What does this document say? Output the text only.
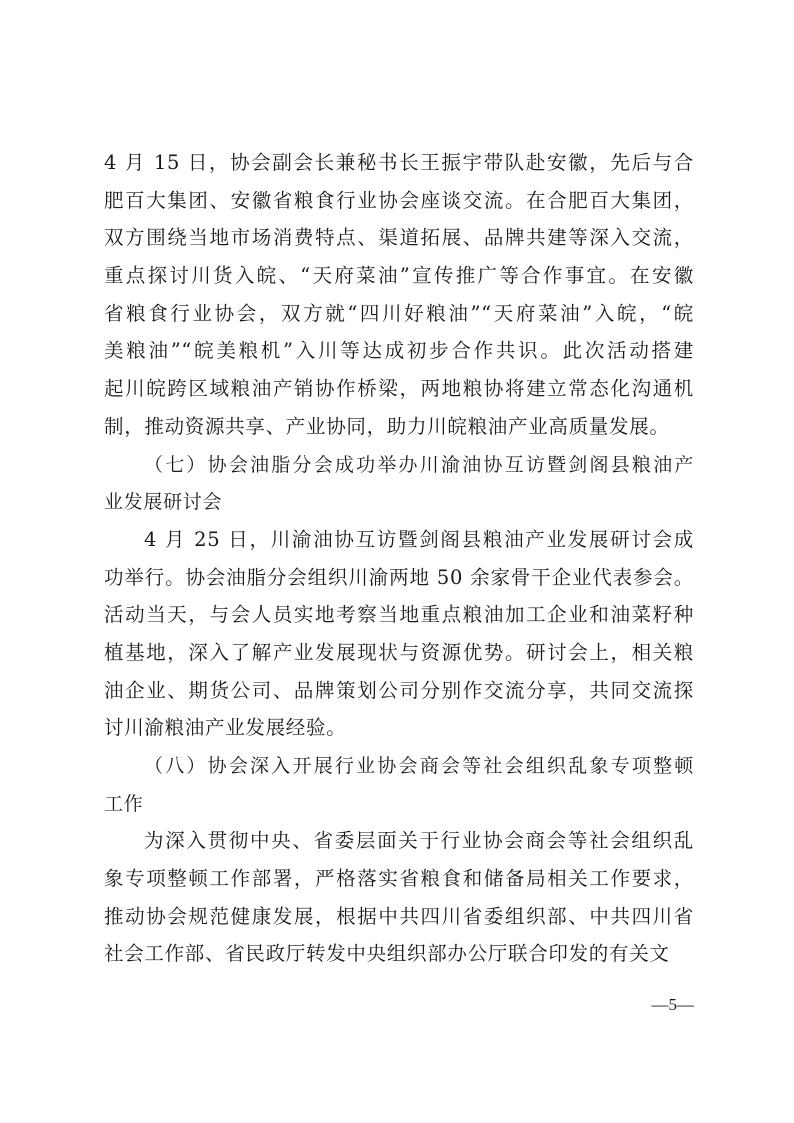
4 月 15 日，协会副会长兼秘书长王振宇带队赴安徽，先后与合
肥百大集团、安徽省粮食行业协会座谈交流。在合肥百大集团，
双方围绕当地市场消费特点、渠道拓展、品牌共建等深入交流，
重点探讨川货入皖、“天府菜油”宣传推广等合作事宜。在安徽
省粮食行业协会，双方就“四川好粮油”“天府菜油”入皖，“皖
美粮油”“皖美粮机”入川等达成初步合作共识。此次活动搭建
起川皖跨区域粮油产销协作桥梁，两地粮协将建立常态化沟通机
制，推动资源共享、产业协同，助力川皖粮油产业高质量发展。
（七）协会油脂分会成功举办川渝油协互访暨剑阁县粮油产
业发展研讨会
4 月 25 日，川渝油协互访暨剑阁县粮油产业发展研讨会成
功举行。协会油脂分会组织川渝两地 50 余家骨干企业代表参会。
活动当天，与会人员实地考察当地重点粮油加工企业和油菜籽种
植基地，深入了解产业发展现状与资源优势。研讨会上，相关粮
油企业、期货公司、品牌策划公司分别作交流分享，共同交流探
讨川渝粮油产业发展经验。
（八）协会深入开展行业协会商会等社会组织乱象专项整顿
工作
为深入贯彻中央、省委层面关于行业协会商会等社会组织乱
象专项整顿工作部署，严格落实省粮食和储备局相关工作要求，
推动协会规范健康发展，根据中共四川省委组织部、中共四川省
社会工作部、省民政厅转发中央组织部办公厅联合印发的有关文
—5—
